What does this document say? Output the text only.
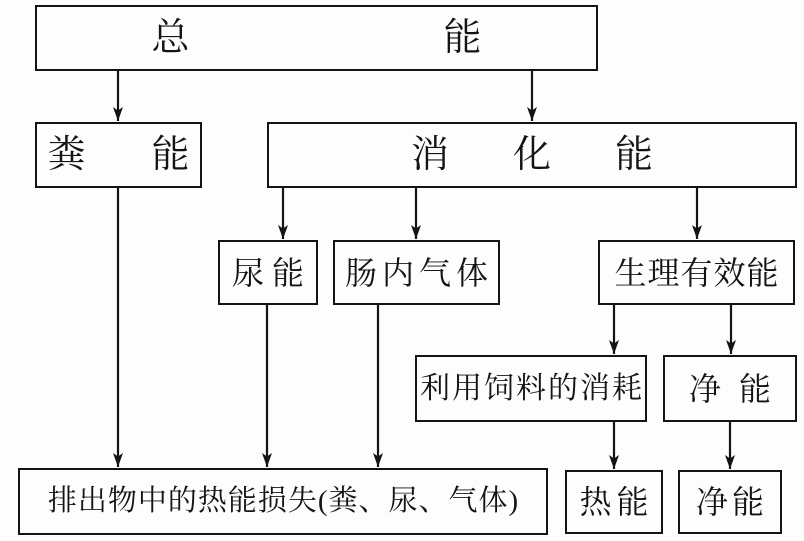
总能
粪能	消化能
尿能 肠内气体	生理有效能
利用饲料的消耗	净能
排出物中的热能损失(粪、尿、气体) 热能 净能
